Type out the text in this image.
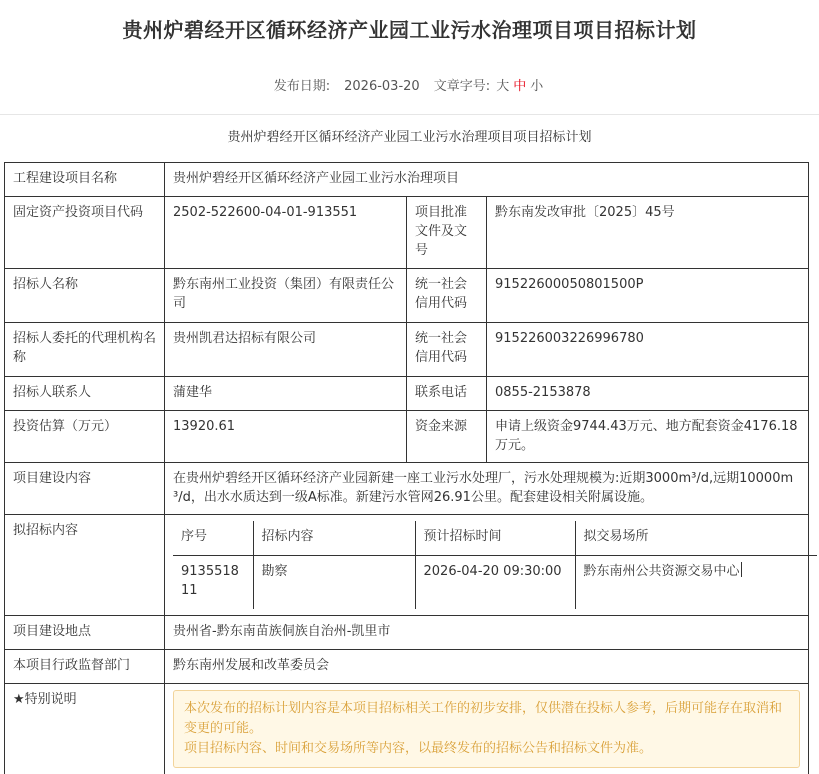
贵州炉碧经开区循环经济产业园工业污水治理项目项目招标计划
发布日期: 2026-03-20 文章字号: 大 中 小
贵州炉碧经开区循环经济产业园工业污水治理项目项目招标计划
工程建设项目名称	贵州炉碧经开区循环经济产业园工业污水治理项目
固定资产投资项目代码	2502-522600-04-01-913551	项目批准文件及文号	黔东南发改审批〔2025〕45号
招标人名称	黔东南州工业投资（集团）有限责任公司	统一社会信用代码	91522600050801500P
招标人委托的代理机构名称	贵州凯君达招标有限公司	统一社会信用代码	915226003226996780
招标人联系人	蒲建华	联系电话	0855-2153878
投资估算（万元）	13920.61	资金来源	申请上级资金9744.43万元、地方配套资金4176.18万元。
项目建设内容	在贵州炉碧经开区循环经济产业园新建一座工业污水处理厂，污水处理规模为:近期3000m³/d,远期10000m³/d，出水水质达到一级A标准。新建污水管网26.91公里。配套建设相关附属设施。
拟招标内容		序号	招标内容	预计招标时间	拟交易场所
913551811	勘察	2026-04-20 09:30:00	黔东南州公共资源交易中心

项目建设地点	贵州省-黔东南苗族侗族自治州-凯里市
本项目行政监督部门	黔东南州发展和改革委员会
★特别说明	
本次发布的招标计划内容是本项目招标相关工作的初步安排，仅供潜在投标人参考，后期可能存在取消和变更的可能。
项目招标内容、时间和交易场所等内容，以最终发布的招标公告和招标文件为准。
